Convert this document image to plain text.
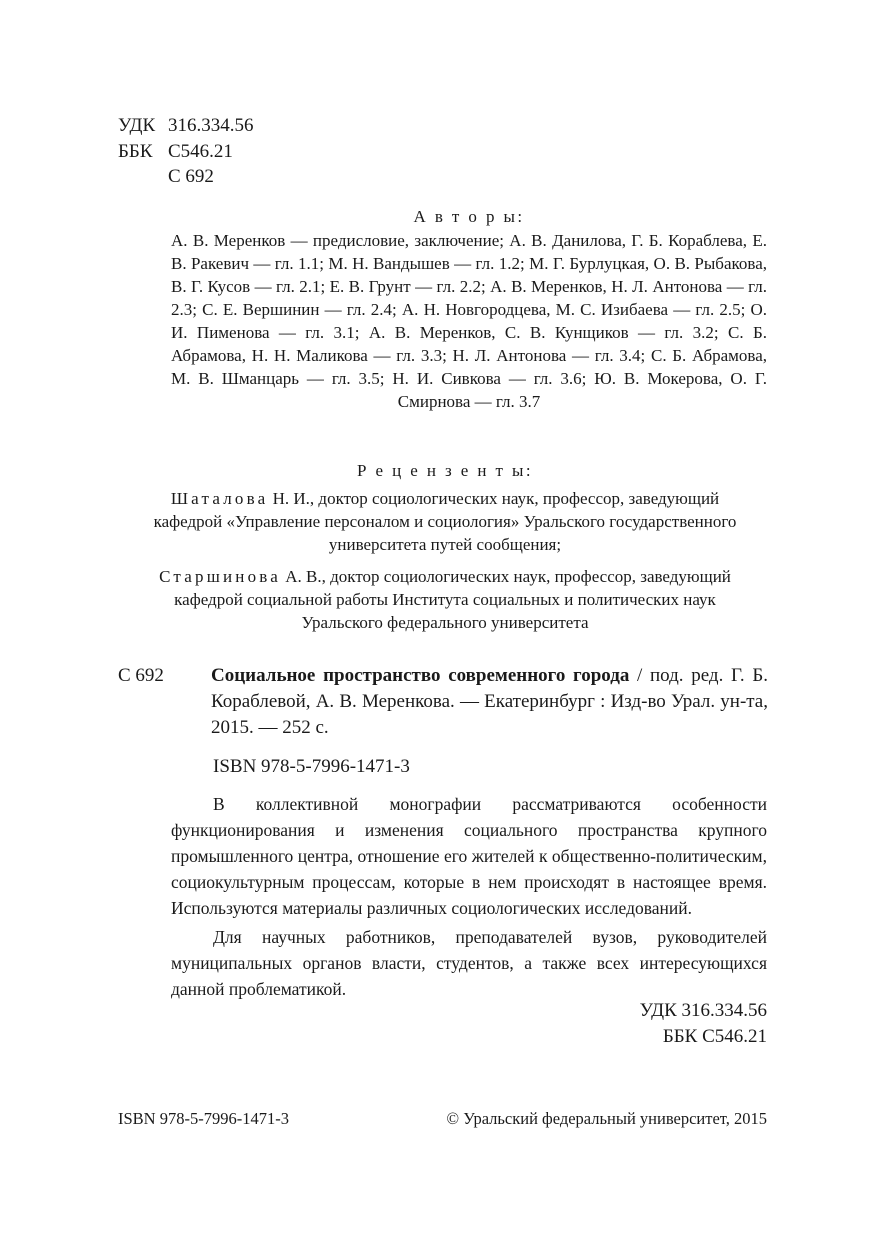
УДК 316.334.56
ББК С546.21
С 692
А в т о р ы:
А. В. Меренков — предисловие, заключение; А. В. Данилова, Г. Б. Кораблева, Е. В. Ракевич — гл. 1.1; М. Н. Вандышев — гл. 1.2; М. Г. Бурлуцкая, О. В. Рыбакова, В. Г. Кусов — гл. 2.1; Е. В. Грунт — гл. 2.2; А. В. Меренков, Н. Л. Антонова — гл. 2.3; С. Е. Вершинин — гл. 2.4; А. Н. Новгородцева, М. С. Изибаева — гл. 2.5; О. И. Пименова — гл. 3.1; А. В. Меренков, С. В. Кунщиков — гл. 3.2; С. Б. Абрамова, Н. Н. Маликова — гл. 3.3; Н. Л. Антонова — гл. 3.4; С. Б. Абрамова, М. В. Шманцарь — гл. 3.5; Н. И. Сивкова — гл. 3.6; Ю. В. Мокерова, О. Г. Смирнова — гл. 3.7
Р е ц е н з е н т ы:
Шаталова Н. И., доктор социологических наук, профессор, заведующий кафедрой «Управление персоналом и социология» Уральского государственного университета путей сообщения;
Старшинова А. В., доктор социологических наук, профессор, заведующий кафедрой социальной работы Института социальных и политических наук Уральского федерального университета
С 692 Социальное пространство современного города / под. ред. Г. Б. Кораблевой, А. В. Меренкова. — Екатеринбург : Изд-во Урал. ун-та, 2015. — 252 с.
ISBN 978-5-7996-1471-3

В коллективной монографии рассматриваются особенности функционирования и изменения социального пространства крупного промышленного центра, отношение его жителей к общественно-политическим, социокультурным процессам, которые в нем происходят в настоящее время. Используются материалы различных социологических исследований.

Для научных работников, преподавателей вузов, руководителей муниципальных органов власти, студентов, а также всех интересующихся данной проблематикой.

УДК 316.334.56
ББК С546.21
ISBN 978-5-7996-1471-3	© Уральский федеральный университет, 2015
